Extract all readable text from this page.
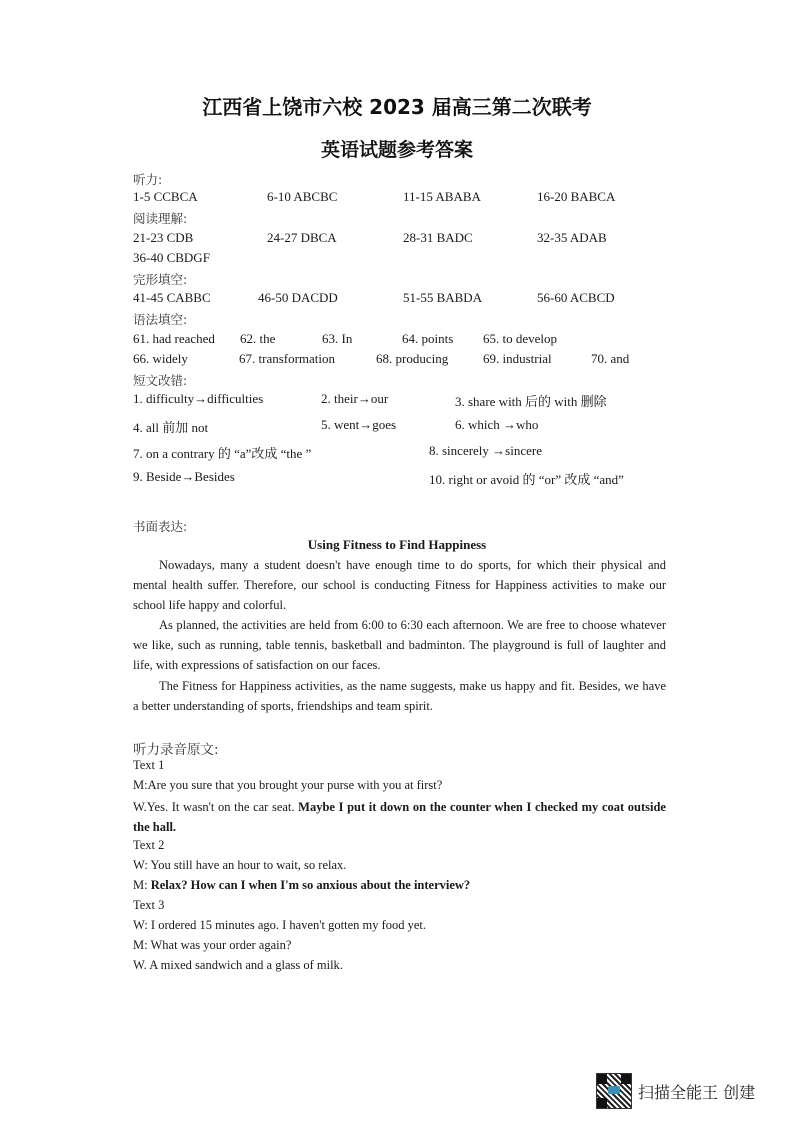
江西省上饶市六校 2023 届高三第二次联考
英语试题参考答案
听力:
1-5 CCBCA	6-10 ABCBC	11-15 ABABA	16-20 BABCA
阅读理解:
21-23 CDB	24-27 DBCA	28-31 BADC	32-35 ADAB
36-40 CBDGF
完形填空:
41-45 CABBC	46-50 DACDD	51-55 BABDA	56-60 ACBCD
语法填空:
61. had reached 62. the	63. In	64. points 65. to develop
66. widely	67. transformation	68. producing	69. industrial	70. and
短文改错:
1. difficulty→difficulties	2. their→our	3. share with 后的 with 删除
4. all 前加 not	5. went→goes	6. which →who
7. on a contrary 的 “a”改成 “the ”	8. sincerely →sincere
9. Beside→Besides	10. right or avoid 的 “or” 改成 “and”
书面表达:
Using Fitness to Find Happiness
Nowadays, many a student doesn't have enough time to do sports, for which their physical and mental health suffer. Therefore, our school is conducting Fitness for Happiness activities to make our school life happy and colorful.
As planned, the activities are held from 6:00 to 6:30 each afternoon. We are free to choose whatever we like, such as running, table tennis, basketball and badminton. The playground is full of laughter and life, with expressions of satisfaction on our faces.
The Fitness for Happiness activities, as the name suggests, make us happy and fit. Besides, we have a better understanding of sports, friendships and team spirit.
听力录音原文:
Text 1
M:Are you sure that you brought your purse with you at first?
W.Yes. It wasn't on the car seat. Maybe I put it down on the counter when I checked my coat outside the hall.
Text 2
W: You still have an hour to wait, so relax.
M: Relax? How can I when I'm so anxious about the interview?
Text 3
W: I ordered 15 minutes ago. I haven't gotten my food yet.
M: What was your order again?
W. A mixed sandwich and a glass of milk.
扫描全能王 创建
